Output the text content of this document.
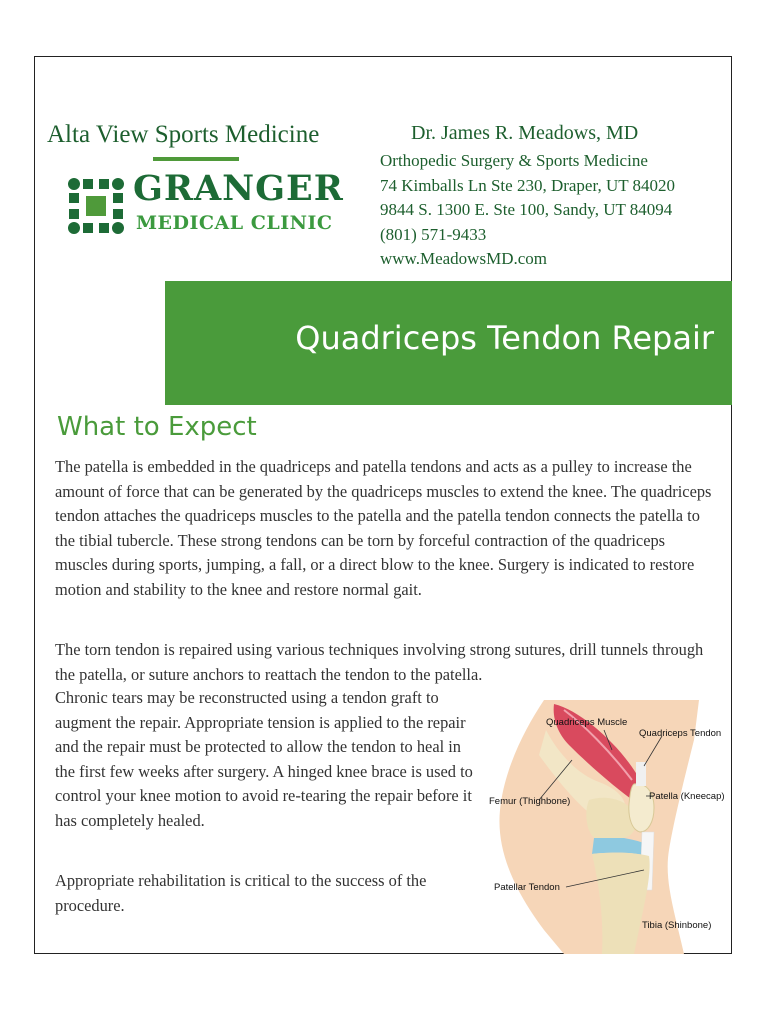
Alta View Sports Medicine
GRANGER
MEDICAL CLINIC
Dr. James R. Meadows, MD
Orthopedic Surgery & Sports Medicine
74 Kimballs Ln Ste 230, Draper, UT 84020
9844 S. 1300 E. Ste 100, Sandy, UT 84094
(801) 571-9433
www.MeadowsMD.com
Quadriceps Tendon Repair
What to Expect
The patella is embedded in the quadriceps and patella tendons and acts as a pulley to increase the amount of force that can be generated by the quadriceps muscles to extend the knee. The quadriceps tendon attaches the quadriceps muscles to the patella and the patella tendon connects the patella to the tibial tubercle. These strong tendons can be torn by forceful contraction of the quadriceps muscles during sports, jumping, a fall, or a direct blow to the knee. Surgery is indicated to restore motion and stability to the knee and restore normal gait.
The torn tendon is repaired using various techniques involving strong sutures, drill tunnels through the patella, or suture anchors to reattach the tendon to the patella.
Chronic tears may be reconstructed using a tendon graft to augment the repair. Appropriate tension is applied to the repair and the repair must be protected to allow the tendon to heal in the first few weeks after surgery. A hinged knee brace is used to control your knee motion to avoid re-tearing the repair before it has completely healed.
Appropriate rehabilitation is critical to the success of the procedure.
Quadriceps Muscle
Quadriceps Tendon
Femur (Thighbone)	Patella (Kneecap)
Patellar Tendon
Tibia (Shinbone)
